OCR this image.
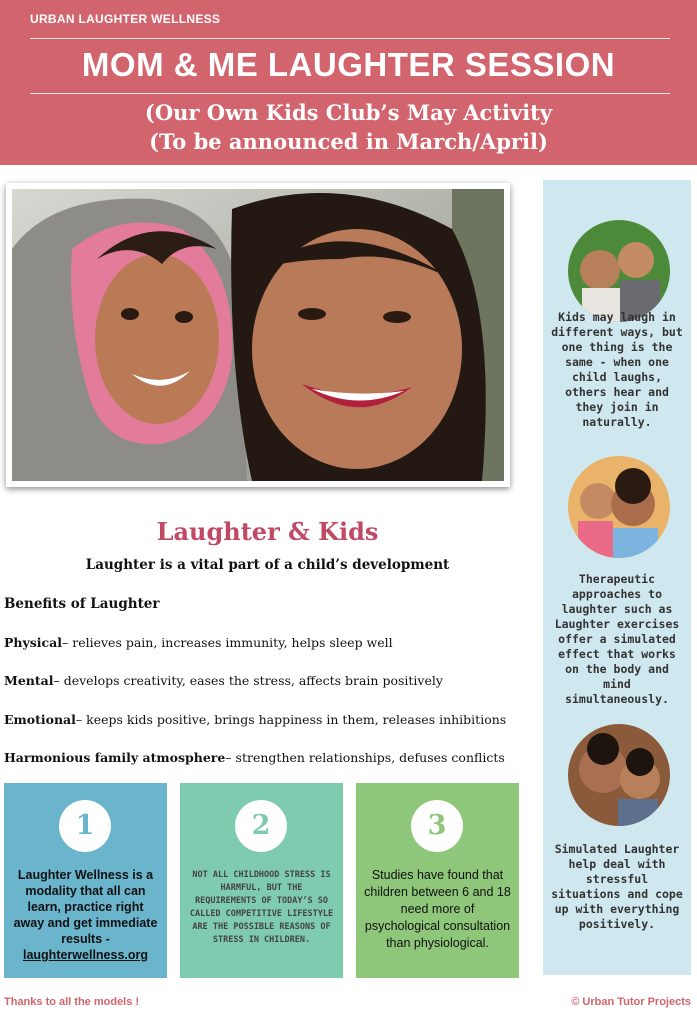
URBAN LAUGHTER WELLNESS
MOM & ME LAUGHTER SESSION
(Our Own Kids Club’s May Activity
(To be announced in March/April)
Kids may laugh in different ways, but one thing is the same - when one child laughs, others hear and they join in naturally.
Therapeutic approaches to laughter such as Laughter exercises offer a simulated effect that works on the body and mind simultaneously.
Simulated Laughter help deal with stressful situations and cope up with everything positively.
Laughter & Kids
Laughter is a vital part of a child’s development
Benefits of Laughter
Physical– relieves pain, increases immunity, helps sleep well
Mental– develops creativity, eases the stress, affects brain positively
Emotional– keeps kids positive, brings happiness in them, releases inhibitions
Harmonious family atmosphere– strengthen relationships, defuses conflicts
1
Laughter Wellness is a modality that all can learn, practice right away and get immediate results -
laughterwellness.org
2
NOT ALL CHILDHOOD STRESS IS HARMFUL, BUT THE REQUIREMENTS OF TODAY’S SO CALLED COMPETITIVE LIFESTYLE ARE THE POSSIBLE REASONS OF STRESS IN CHILDREN.
3
Studies have found that children between 6 and 18 need more of psychological consultation than physiological.
Thanks to all the models !	© Urban Tutor Projects
